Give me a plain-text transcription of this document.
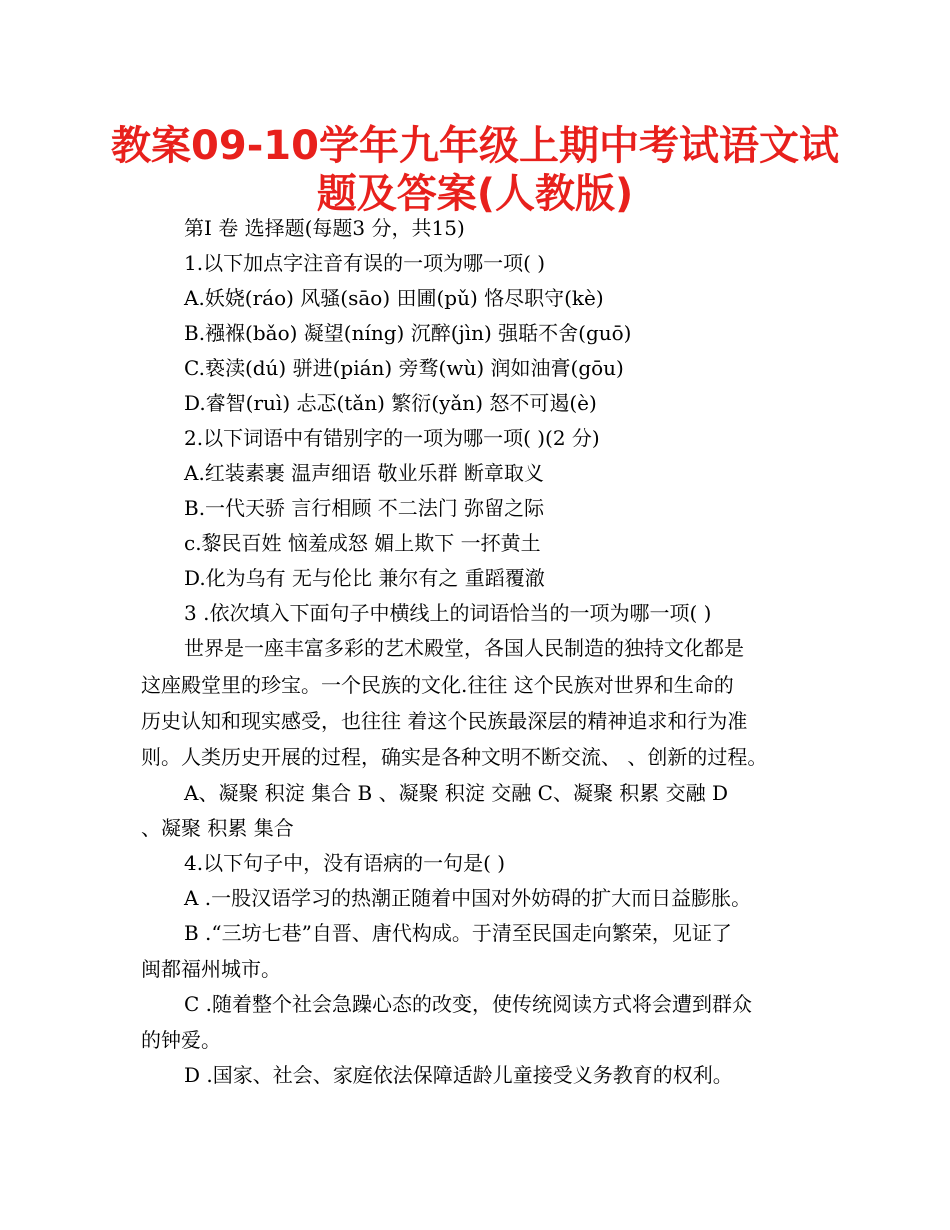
教案09-10学年九年级上期中考试语文试
题及答案(人教版)
第Ⅰ 卷 选择题(每题3 分，共15)
1.以下加点字注音有误的一项为哪一项( )
A.妖娆(ráo) 风骚(sāo) 田圃(pǔ) 恪尽职守(kè)
B.襁褓(bǎo) 凝望(níng) 沉醉(jìn) 强聒不舍(guō)
C.亵渎(dú) 骈进(pián) 旁骛(wù) 润如油膏(gōu)
D.睿智(ruì) 忐忑(tǎn) 繁衍(yǎn) 怒不可遏(è)
2.以下词语中有错别字的一项为哪一项( )(2 分)
A.红装素裹 温声细语 敬业乐群 断章取义
B.一代天骄 言行相顾 不二法门 弥留之际
c.黎民百姓 恼羞成怒 媚上欺下 一抔黄土
D.化为乌有 无与伦比 兼尔有之 重蹈覆澈
3 .依次填入下面句子中横线上的词语恰当的一项为哪一项( )
世界是一座丰富多彩的艺术殿堂，各国人民制造的独持文化都是
这座殿堂里的珍宝。一个民族的文化.往往 这个民族对世界和生命的
历史认知和现实感受，也往往 着这个民族最深层的精神追求和行为准
则。人类历史开展的过程，确实是各种文明不断交流、 、创新的过程。
A、凝聚 积淀 集合 B 、凝聚 积淀 交融 C、凝聚 积累 交融 D
、凝聚 积累 集合
4.以下句子中，没有语病的一句是( )
A .一股汉语学习的热潮正随着中国对外妨碍的扩大而日益膨胀。
B .“三坊七巷”自晋、唐代构成。于清至民国走向繁荣，见证了
闽都福州城市。
C .随着整个社会急躁心态的改变，使传统阅读方式将会遭到群众
的钟爱。
D .国家、社会、家庭依法保障适龄儿童接受义务教育的权利。
